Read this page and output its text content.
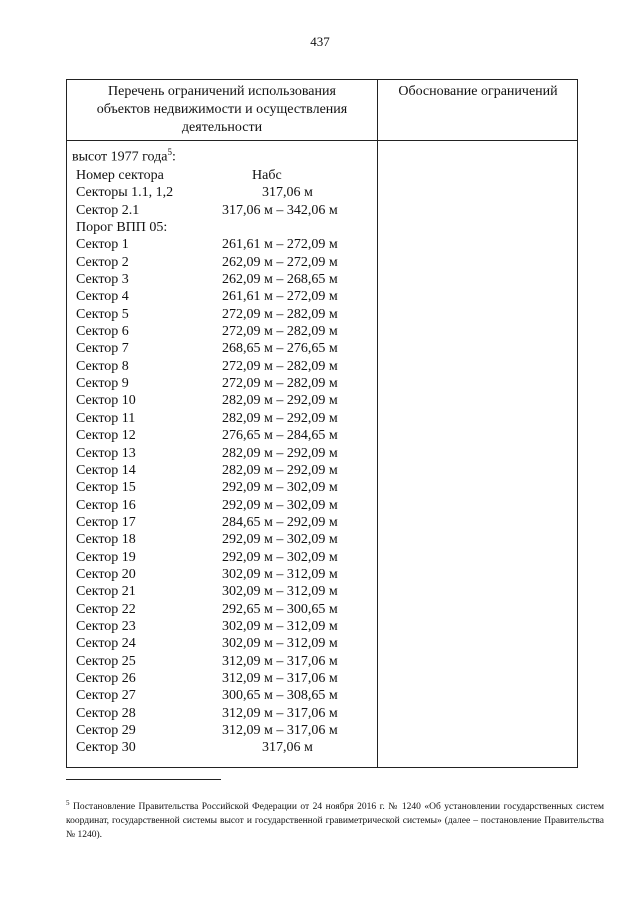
437
Перечень ограничений использования
объектов недвижимости и осуществления
деятельности
Обоснование ограничений
высот 1977 года$^5$:
Номер сектора	Набс
Секторы 1.1, 1,2	317,06 м
Сектор 2.1	317,06 м – 342,06 м
Порог ВПП 05:
Сектор 1	261,61 м – 272,09 м
Сектор 2	262,09 м – 272,09 м
Сектор 3	262,09 м – 268,65 м
Сектор 4	261,61 м – 272,09 м
Сектор 5	272,09 м – 282,09 м
Сектор 6	272,09 м – 282,09 м
Сектор 7	268,65 м – 276,65 м
Сектор 8	272,09 м – 282,09 м
Сектор 9	272,09 м – 282,09 м
Сектор 10	282,09 м – 292,09 м
Сектор 11	282,09 м – 292,09 м
Сектор 12	276,65 м – 284,65 м
Сектор 13	282,09 м – 292,09 м
Сектор 14	282,09 м – 292,09 м
Сектор 15	292,09 м – 302,09 м
Сектор 16	292,09 м – 302,09 м
Сектор 17	284,65 м – 292,09 м
Сектор 18	292,09 м – 302,09 м
Сектор 19	292,09 м – 302,09 м
Сектор 20	302,09 м – 312,09 м
Сектор 21	302,09 м – 312,09 м
Сектор 22	292,65 м – 300,65 м
Сектор 23	302,09 м – 312,09 м
Сектор 24	302,09 м – 312,09 м
Сектор 25	312,09 м – 317,06 м
Сектор 26	312,09 м – 317,06 м
Сектор 27	300,65 м – 308,65 м
Сектор 28	312,09 м – 317,06 м
Сектор 29	312,09 м – 317,06 м
Сектор 30	317,06 м
$^5$ Постановление Правительства Российской Федерации от 24 ноября 2016 г. № 1240 «Об установлении государственных систем координат, государственной системы высот и государственной гравиметрической системы» (далее – постановление Правительства № 1240).
